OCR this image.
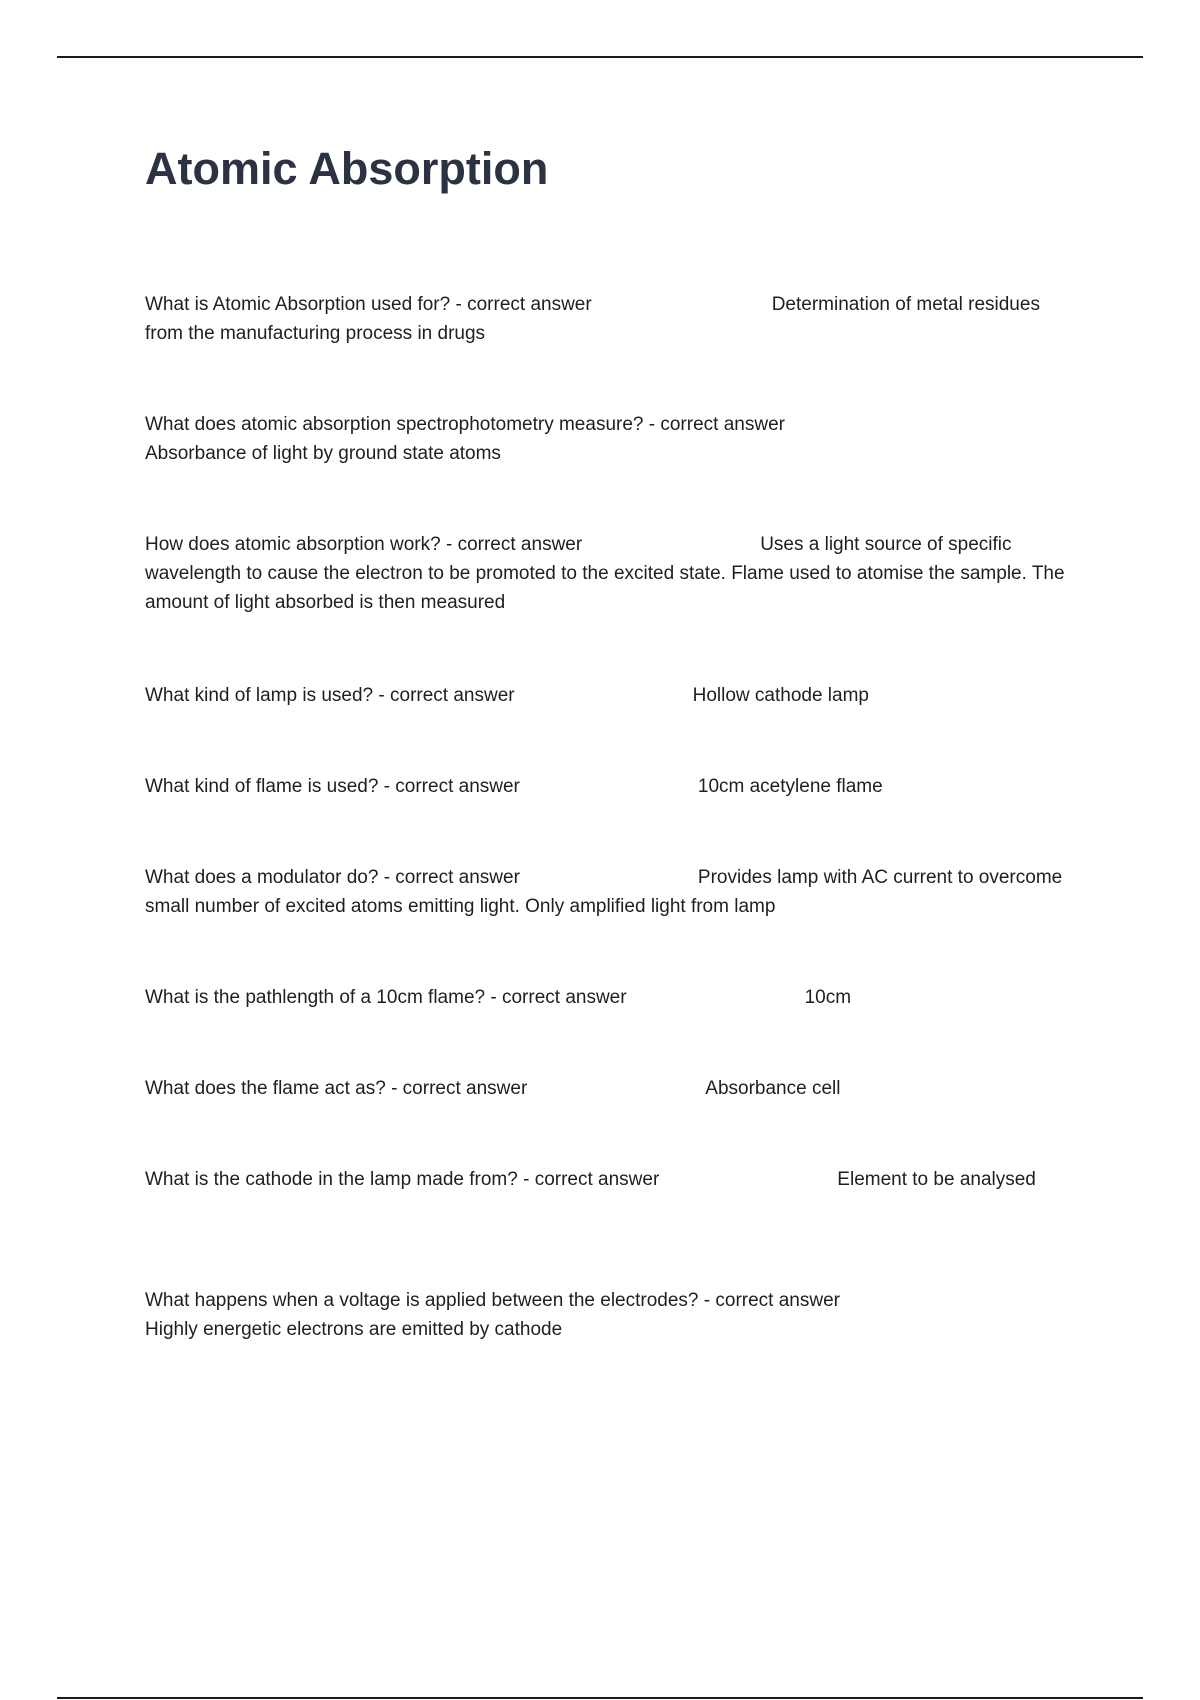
Atomic Absorption

What is Atomic Absorption used for? - correct answer	Determination of metal residues from the manufacturing process in drugs

What does atomic absorption spectrophotometry measure? - correct answerAbsorbance of light by ground state atoms

How does atomic absorption work? - correct answer	Uses a light source of specific wavelength to cause the electron to be promoted to the excited state. Flame used to atomise the sample. The amount of light absorbed is then measured

What kind of lamp is used? - correct answer	Hollow cathode lamp

What kind of flame is used? - correct answer	10cm acetylene flame

What does a modulator do? - correct answer	Provides lamp with AC current to overcome small number of excited atoms emitting light. Only amplified light from lamp

What is the pathlength of a 10cm flame? - correct answer	10cm

What does the flame act as? - correct answer	Absorbance cell

What is the cathode in the lamp made from? - correct answer	Element to be analysed

What happens when a voltage is applied between the electrodes? - correct answerHighly energetic electrons are emitted by cathode
